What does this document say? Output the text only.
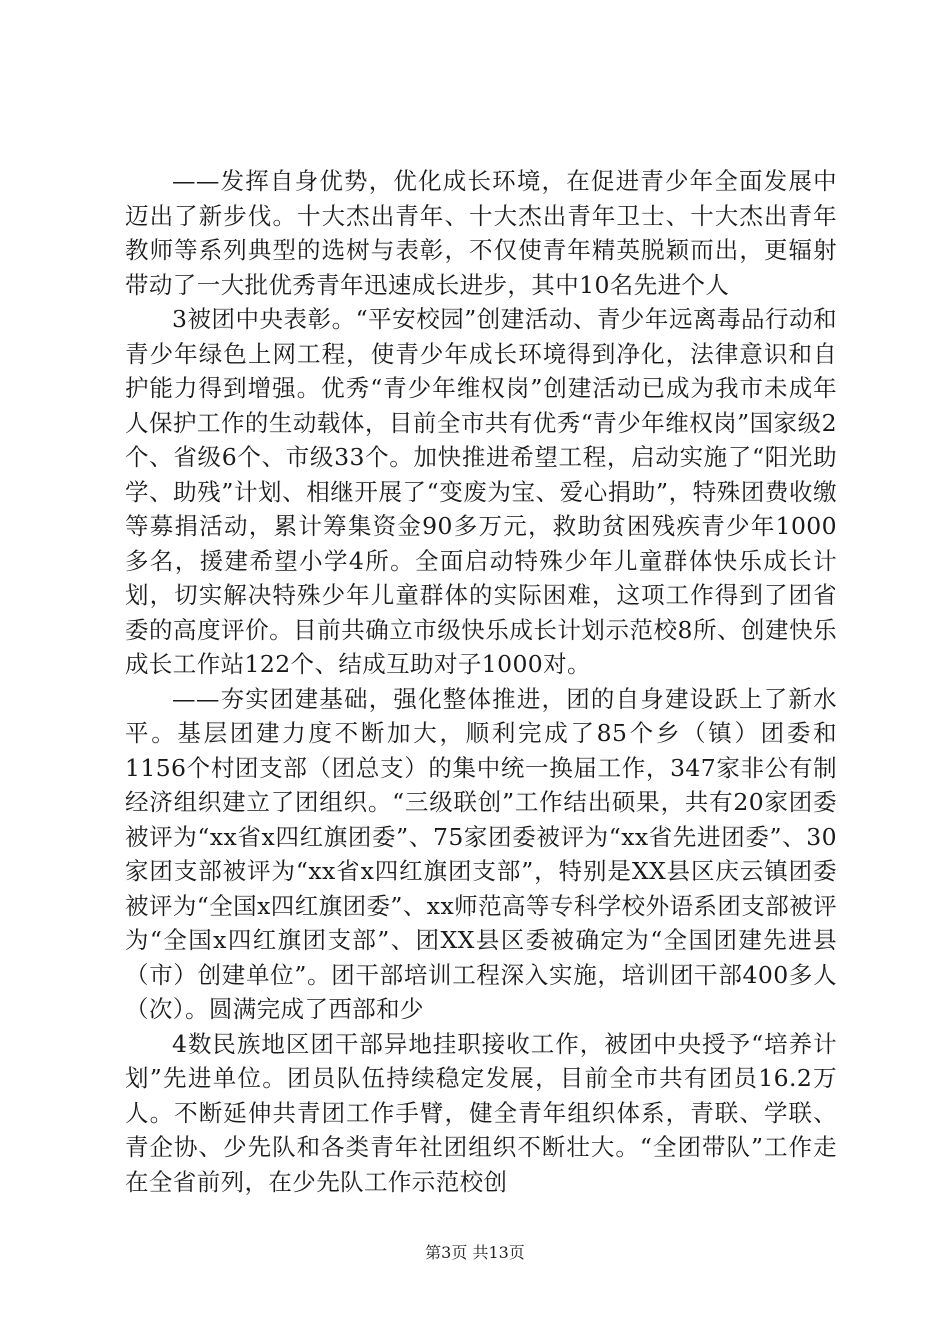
——发挥自身优势，优化成长环境，在促进青少年全面发展中迈出了新步伐。十大杰出青年、十大杰出青年卫士、十大杰出青年教师等系列典型的选树与表彰，不仅使青年精英脱颖而出，更辐射带动了一大批优秀青年迅速成长进步，其中10名先进个人

3被团中央表彰。“平安校园”创建活动、青少年远离毒品行动和青少年绿色上网工程，使青少年成长环境得到净化，法律意识和自护能力得到增强。优秀“青少年维权岗”创建活动已成为我市未成年人保护工作的生动载体，目前全市共有优秀“青少年维权岗”国家级2个、省级6个、市级33个。加快推进希望工程，启动实施了“阳光助学、助残”计划、相继开展了“变废为宝、爱心捐助”，特殊团费收缴等募捐活动，累计筹集资金90多万元，救助贫困残疾青少年1000多名，援建希望小学4所。全面启动特殊少年儿童群体快乐成长计划，切实解决特殊少年儿童群体的实际困难，这项工作得到了团省委的高度评价。目前共确立市级快乐成长计划示范校8所、创建快乐成长工作站122个、结成互助对子1000对。

——夯实团建基础，强化整体推进，团的自身建设跃上了新水平。基层团建力度不断加大，顺利完成了85个乡（镇）团委和1156个村团支部（团总支）的集中统一换届工作，347家非公有制经济组织建立了团组织。“三级联创”工作结出硕果，共有20家团委被评为“xx省x四红旗团委”、75家团委被评为“xx省先进团委”、30家团支部被评为“xx省x四红旗团支部”，特别是XX县区庆云镇团委被评为“全国x四红旗团委”、xx师范高等专科学校外语系团支部被评为“全国x四红旗团支部”、团XX县区委被确定为“全国团建先进县（市）创建单位”。团干部培训工程深入实施，培训团干部400多人（次）。圆满完成了西部和少

4数民族地区团干部异地挂职接收工作，被团中央授予“培养计划”先进单位。团员队伍持续稳定发展，目前全市共有团员16.2万人。不断延伸共青团工作手臂，健全青年组织体系，青联、学联、青企协、少先队和各类青年社团组织不断壮大。“全团带队”工作走在全省前列，在少先队工作示范校创

第3页 共13页
